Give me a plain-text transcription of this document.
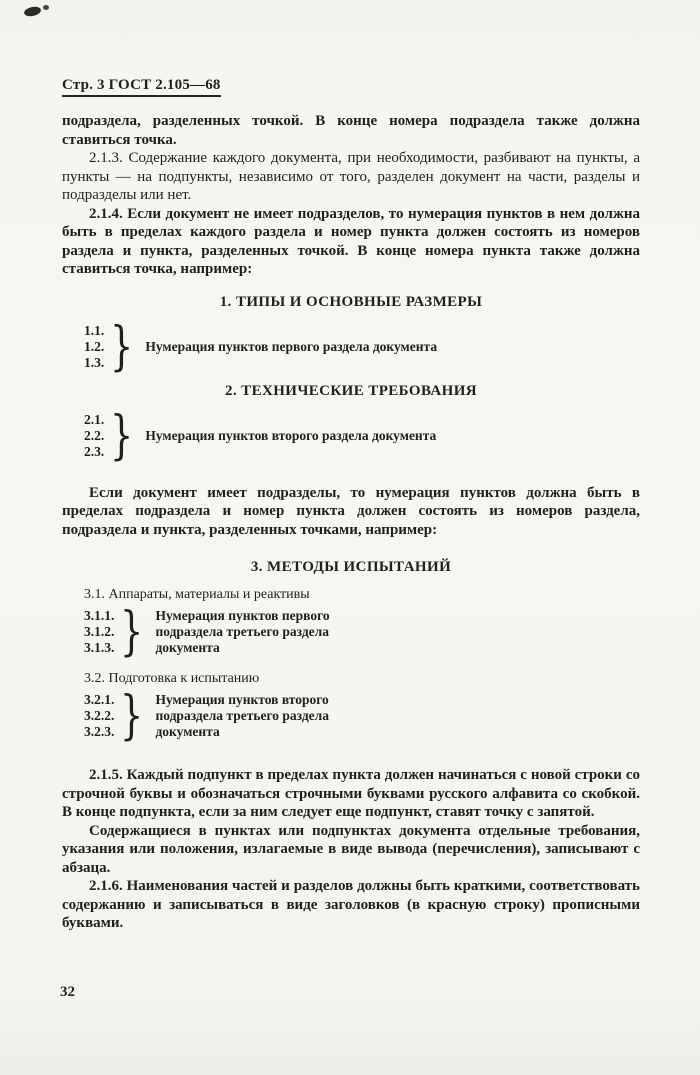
Стр. 3 ГОСТ 2.105—68

подраздела, разделенных точкой. В конце номера подраздела также должна ставиться точка.

2.1.3. Содержание каждого документа, при необходимости, разбивают на пункты, а пункты — на подпункты, независимо от того, разделен документ на части, разделы и подразделы или нет.

2.1.4. Если документ не имеет подразделов, то нумерация пунктов в нем должна быть в пределах каждого раздела и номер пункта должен состоять из номеров раздела и пункта, разделенных точкой. В конце номера пункта также должна ставиться точка, например:

1. ТИПЫ И ОСНОВНЫЕ РАЗМЕРЫ
1.1.
1.2.
1.3. } Нумерация пунктов первого раздела документа
2. ТЕХНИЧЕСКИЕ ТРЕБОВАНИЯ
2.1.
2.2.
2.3. } Нумерация пунктов второго раздела документа

Если документ имеет подразделы, то нумерация пунктов должна быть в пределах подраздела и номер пункта должен состоять из номеров раздела, подраздела и пункта, разделенных точками, например:

3. МЕТОДЫ ИСПЫТАНИЙ
3.1. Аппараты, материалы и реактивы
3.1.1.
3.1.2.
3.1.3. } Нумерация пунктов первого
подраздела третьего раздела
документа
3.2. Подготовка к испытанию
3.2.1.
3.2.2.
3.2.3. } Нумерация пунктов второго
подраздела третьего раздела
документа

2.1.5. Каждый подпункт в пределах пункта должен начинаться с новой строки со строчной буквы и обозначаться строчными буквами русского алфавита со скобкой. В конце подпункта, если за ним следует еще подпункт, ставят точку с запятой.

Содержащиеся в пунктах или подпунктах документа отдельные требования, указания или положения, излагаемые в виде вывода (перечисления), записывают с абзаца.

2.1.6. Наименования частей и разделов должны быть краткими, соответствовать содержанию и записываться в виде заголовков (в красную строку) прописными буквами.

32
